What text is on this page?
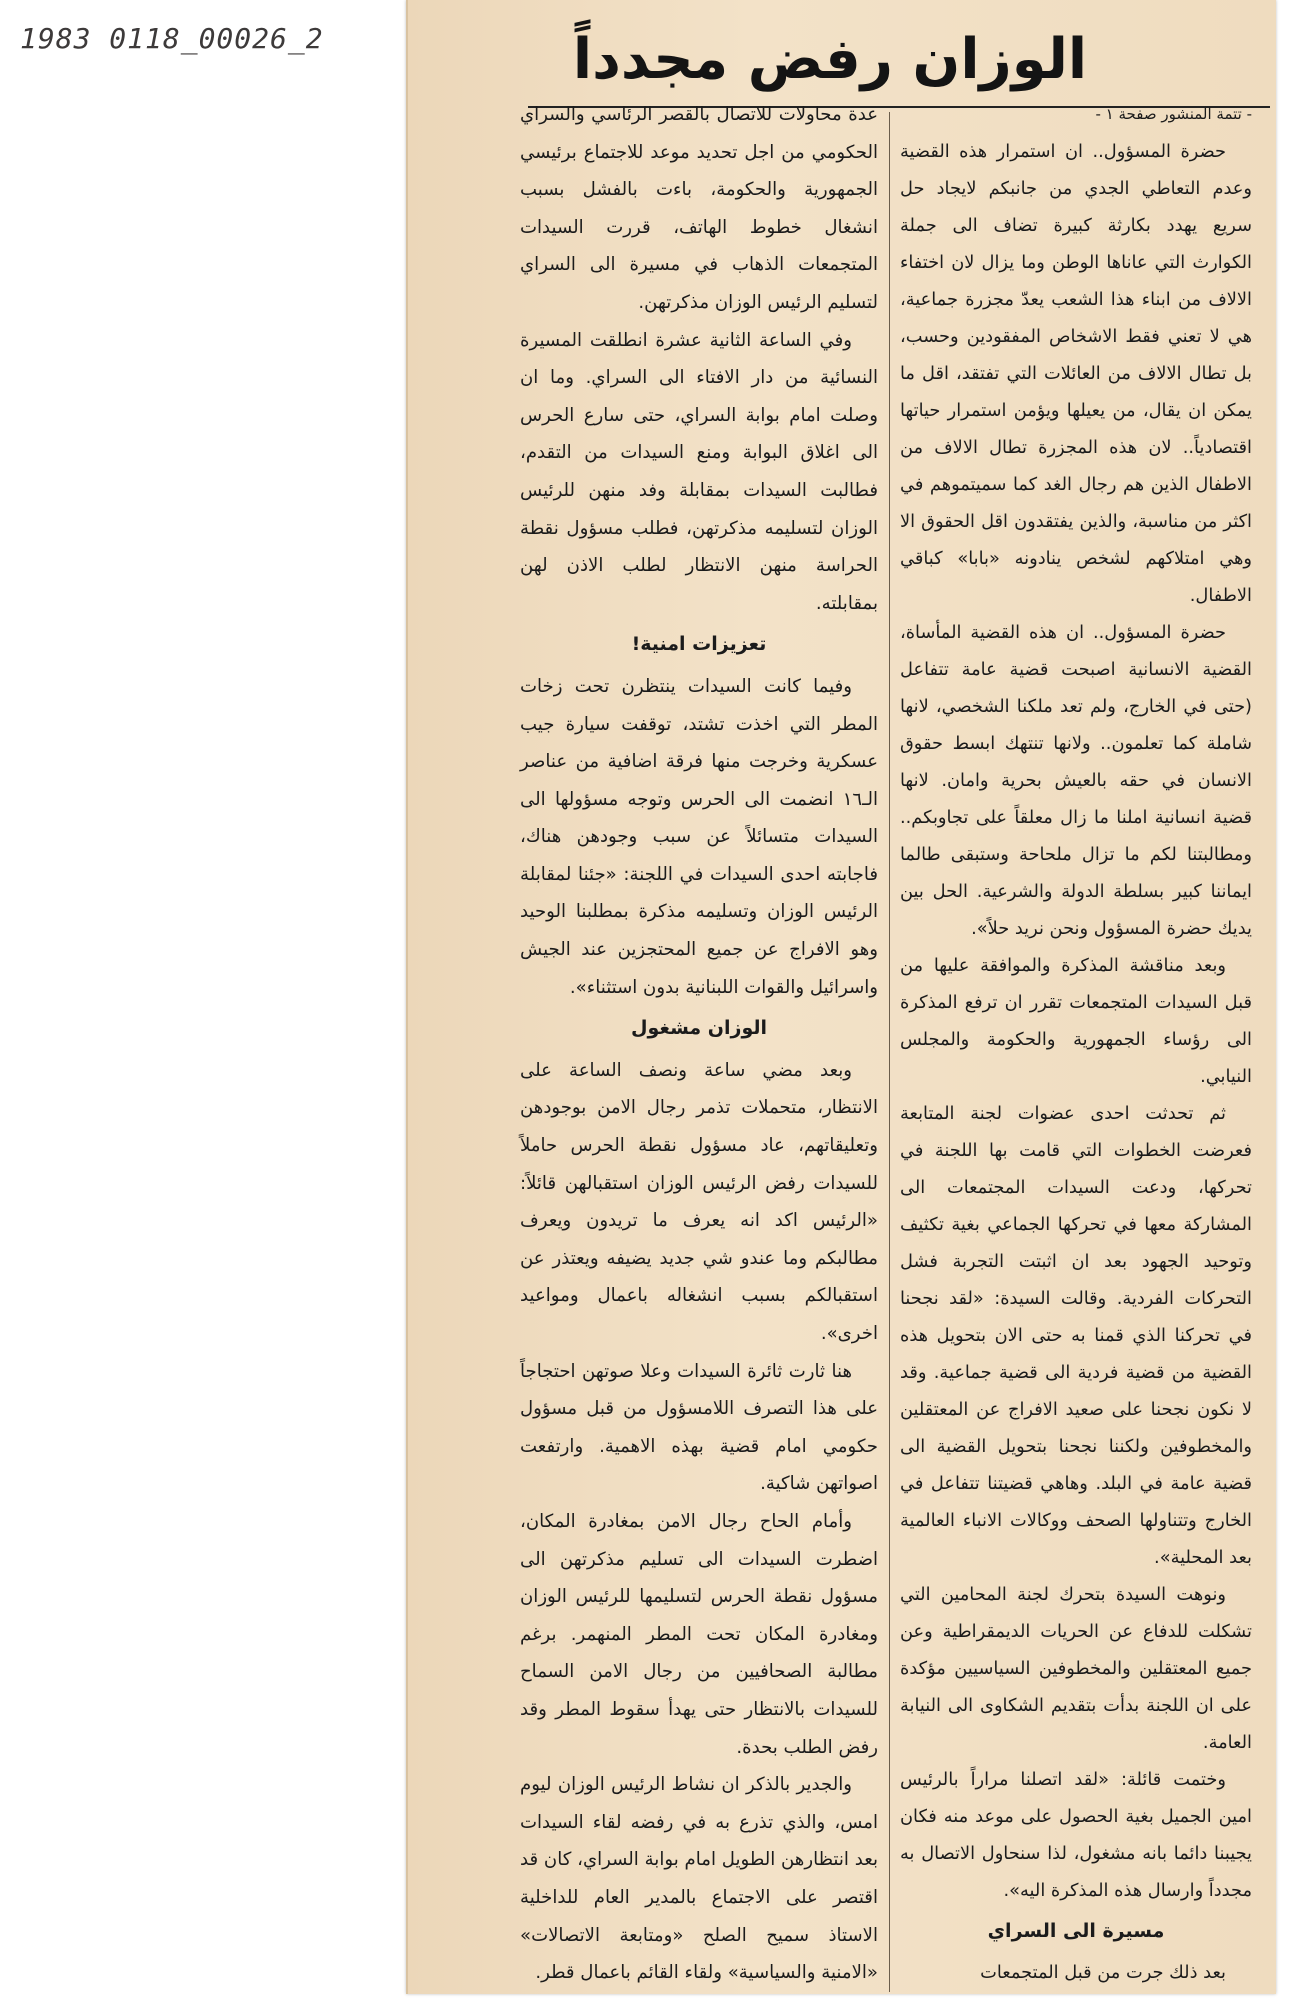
1983 0118_00026_2	الوزان رفض مجدداً

- تتمة المنشور صفحة ١ -

حضرة المسؤول.. ان استمرار هذه القضية وعدم التعاطي الجدي من جانبكم لايجاد حل سريع يهدد بكارثة كبيرة تضاف الى جملة الكوارث التي عاناها الوطن وما يزال لان اختفاء الالاف من ابناء هذا الشعب يعدّ مجزرة جماعية، هي لا تعني فقط الاشخاص المفقودين وحسب، بل تطال الالاف من العائلات التي تفتقد، اقل ما يمكن ان يقال، من يعيلها ويؤمن استمرار حياتها اقتصادياً.. لان هذه المجزرة تطال الالاف من الاطفال الذين هم رجال الغد كما سميتموهم في اكثر من مناسبة، والذين يفتقدون اقل الحقوق الا وهي امتلاكهم لشخص ينادونه «بابا» كباقي الاطفال.

حضرة المسؤول.. ان هذه القضية المأساة، القضية الانسانية اصبحت قضية عامة تتفاعل (حتى في الخارج، ولم تعد ملكنا الشخصي، لانها شاملة كما تعلمون.. ولانها تنتهك ابسط حقوق الانسان في حقه بالعيش بحرية وامان. لانها قضية انسانية املنا ما زال معلقاً على تجاوبكم.. ومطالبتنا لكم ما تزال ملحاحة وستبقى طالما ايماننا كبير بسلطة الدولة والشرعية. الحل بين يديك حضرة المسؤول ونحن نريد حلاً».

وبعد مناقشة المذكرة والموافقة عليها من قبل السيدات المتجمعات تقرر ان ترفع المذكرة الى رؤساء الجمهورية والحكومة والمجلس النيابي.

ثم تحدثت احدى عضوات لجنة المتابعة فعرضت الخطوات التي قامت بها اللجنة في تحركها، ودعت السيدات المجتمعات الى المشاركة معها في تحركها الجماعي بغية تكثيف وتوحيد الجهود بعد ان اثبتت التجربة فشل التحركات الفردية. وقالت السيدة: «لقد نجحنا في تحركنا الذي قمنا به حتى الان بتحويل هذه القضية من قضية فردية الى قضية جماعية. وقد لا نكون نجحنا على صعيد الافراج عن المعتقلين والمخطوفين ولكننا نجحنا بتحويل القضية الى قضية عامة في البلد. وهاهي قضيتنا تتفاعل في الخارج وتتناولها الصحف ووكالات الانباء العالمية بعد المحلية».

ونوهت السيدة بتحرك لجنة المحامين التي تشكلت للدفاع عن الحريات الديمقراطية وعن جميع المعتقلين والمخطوفين السياسيين مؤكدة على ان اللجنة بدأت بتقديم الشكاوى الى النيابة العامة.

وختمت قائلة: «لقد اتصلنا مراراً بالرئيس امين الجميل بغية الحصول على موعد منه فكان يجيبنا دائما بانه مشغول، لذا سنحاول الاتصال به مجدداً وارسال هذه المذكرة اليه».

مسيرة الى السراي

بعد ذلك جرت من قبل المتجمعات

عدة محاولات للاتصال بالقصر الرئاسي والسراي الحكومي من اجل تحديد موعد للاجتماع برئيسي الجمهورية والحكومة، باءت بالفشل بسبب انشغال خطوط الهاتف، قررت السيدات المتجمعات الذهاب في مسيرة الى السراي لتسليم الرئيس الوزان مذكرتهن.

وفي الساعة الثانية عشرة انطلقت المسيرة النسائية من دار الافتاء الى السراي. وما ان وصلت امام بوابة السراي، حتى سارع الحرس الى اغلاق البوابة ومنع السيدات من التقدم، فطالبت السيدات بمقابلة وفد منهن للرئيس الوزان لتسليمه مذكرتهن، فطلب مسؤول نقطة الحراسة منهن الانتظار لطلب الاذن لهن بمقابلته.

تعزيزات امنية!

وفيما كانت السيدات ينتظرن تحت زخات المطر التي اخذت تشتد، توقفت سيارة جيب عسكرية وخرجت منها فرقة اضافية من عناصر الـ١٦ انضمت الى الحرس وتوجه مسؤولها الى السيدات متسائلاً عن سبب وجودهن هناك، فاجابته احدى السيدات في اللجنة: «جئنا لمقابلة الرئيس الوزان وتسليمه مذكرة بمطلبنا الوحيد وهو الافراج عن جميع المحتجزين عند الجيش واسرائيل والقوات اللبنانية بدون استثناء».

الوزان مشغول

وبعد مضي ساعة ونصف الساعة على الانتظار، متحملات تذمر رجال الامن بوجودهن وتعليقاتهم، عاد مسؤول نقطة الحرس حاملاً للسيدات رفض الرئيس الوزان استقبالهن قائلاً: «الرئيس اكد انه يعرف ما تريدون ويعرف مطالبكم وما عندو شي جديد يضيفه ويعتذر عن استقبالكم بسبب انشغاله باعمال ومواعيد اخرى».

هنا ثارت ثائرة السيدات وعلا صوتهن احتجاجاً على هذا التصرف اللامسؤول من قبل مسؤول حكومي امام قضية بهذه الاهمية. وارتفعت اصواتهن شاكية.

وأمام الحاح رجال الامن بمغادرة المكان، اضطرت السيدات الى تسليم مذكرتهن الى مسؤول نقطة الحرس لتسليمها للرئيس الوزان ومغادرة المكان تحت المطر المنهمر. برغم مطالبة الصحافيين من رجال الامن السماح للسيدات بالانتظار حتى يهدأ سقوط المطر وقد رفض الطلب بحدة.

والجدير بالذكر ان نشاط الرئيس الوزان ليوم امس، والذي تذرع به في رفضه لقاء السيدات بعد انتظارهن الطويل امام بوابة السراي، كان قد اقتصر على الاجتماع بالمدير العام للداخلية الاستاذ سميح الصلح «ومتابعة الاتصالات» «الامنية والسياسية» ولقاء القائم باعمال قطر.
